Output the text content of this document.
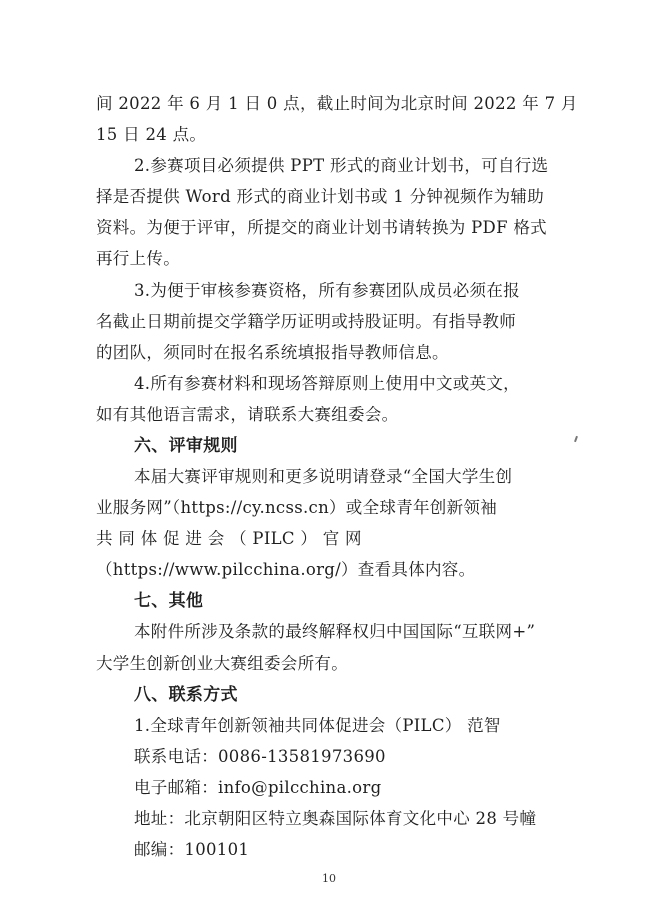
间 2022 年 6 月 1 日 0 点，截止时间为北京时间 2022 年 7 月
15 日 24 点。
2.参赛项目必须提供 PPT 形式的商业计划书，可自行选
择是否提供 Word 形式的商业计划书或 1 分钟视频作为辅助
资料。为便于评审，所提交的商业计划书请转换为 PDF 格式
再行上传。
3.为便于审核参赛资格，所有参赛团队成员必须在报
名截止日期前提交学籍学历证明或持股证明。有指导教师
的团队，须同时在报名系统填报指导教师信息。
4.所有参赛材料和现场答辩原则上使用中文或英文，
如有其他语言需求，请联系大赛组委会。
六、评审规则
本届大赛评审规则和更多说明请登录“全国大学生创
业服务网”（https://cy.ncss.cn）或全球青年创新领袖
共 同 体 促 进 会 （ PILC ） 官 网
（https://www.pilcchina.org/）查看具体内容。
七、其他
本附件所涉及条款的最终解释权归中国国际“互联网+”
大学生创新创业大赛组委会所有。
八、联系方式
1.全球青年创新领袖共同体促进会（PILC） 范智
联系电话：0086-13581973690
电子邮箱：info@pilcchina.org
地址：北京朝阳区特立奥森国际体育文化中心 28 号幢
邮编：100101
10
